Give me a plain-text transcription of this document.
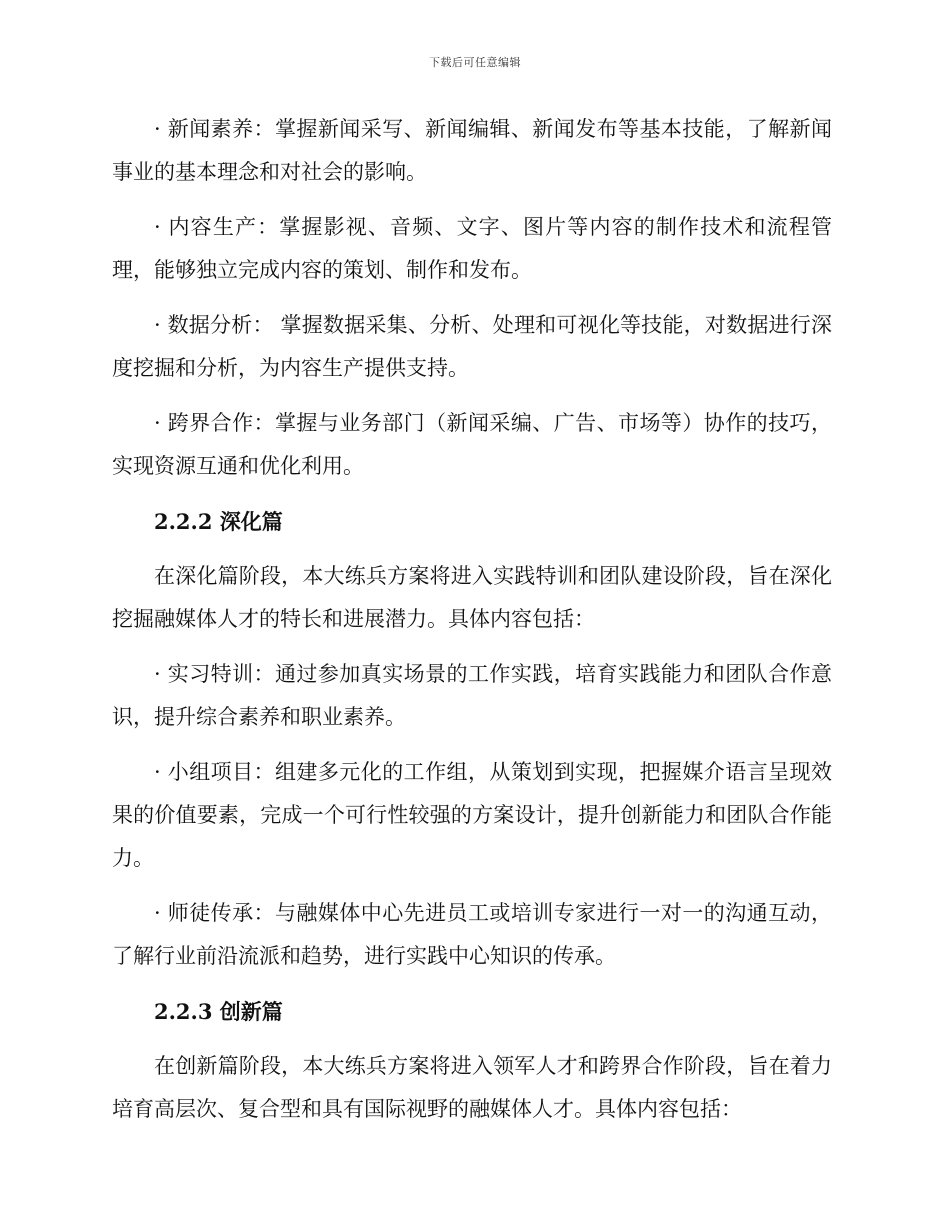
下载后可任意编辑

· 新闻素养：掌握新闻采写、新闻编辑、新闻发布等基本技能，了解新闻事业的基本理念和对社会的影响。

· 内容生产：掌握影视、音频、文字、图片等内容的制作技术和流程管理，能够独立完成内容的策划、制作和发布。

· 数据分析： 掌握数据采集、分析、处理和可视化等技能，对数据进行深度挖掘和分析，为内容生产提供支持。

· 跨界合作：掌握与业务部门（新闻采编、广告、市场等）协作的技巧，实现资源互通和优化利用。

2.2.2 深化篇

在深化篇阶段，本大练兵方案将进入实践特训和团队建设阶段，旨在深化挖掘融媒体人才的特长和进展潜力。具体内容包括：

· 实习特训：通过参加真实场景的工作实践，培育实践能力和团队合作意识，提升综合素养和职业素养。

· 小组项目：组建多元化的工作组，从策划到实现，把握媒介语言呈现效果的价值要素，完成一个可行性较强的方案设计，提升创新能力和团队合作能力。

· 师徒传承：与融媒体中心先进员工或培训专家进行一对一的沟通互动，了解行业前沿流派和趋势，进行实践中心知识的传承。

2.2.3 创新篇

在创新篇阶段，本大练兵方案将进入领军人才和跨界合作阶段，旨在着力培育高层次、复合型和具有国际视野的融媒体人才。具体内容包括：
